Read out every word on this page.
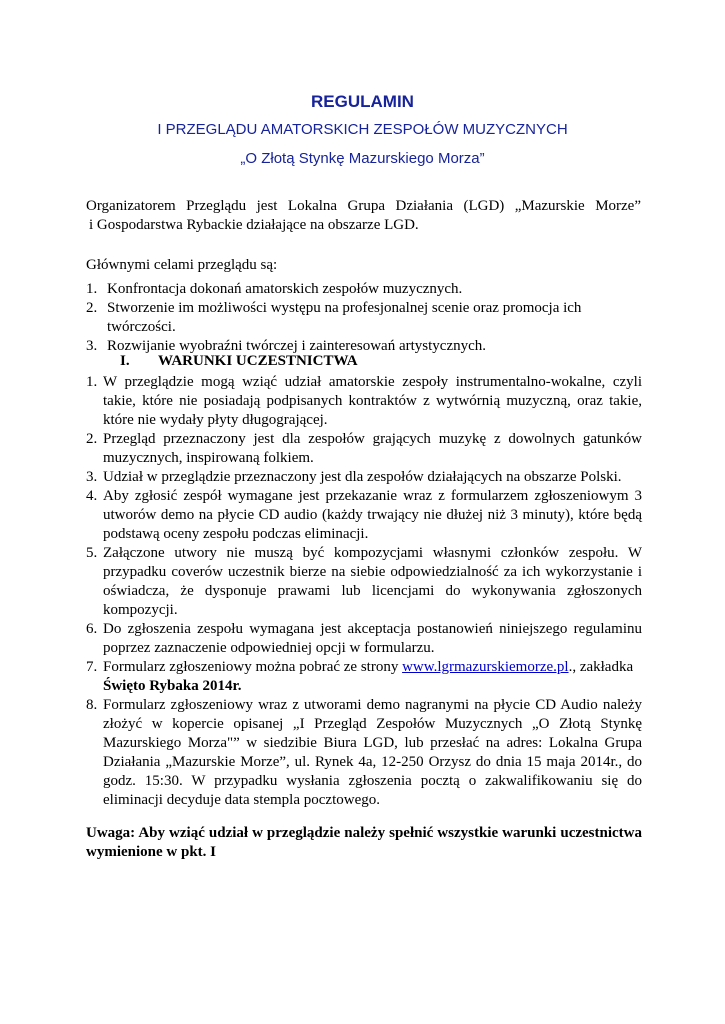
REGULAMIN
I PRZEGLĄDU AMATORSKICH ZESPOŁÓW MUZYCZNYCH
„O Złotą Stynkę Mazurskiego Morza”
Organizatorem Przeglądu jest Lokalna Grupa Działania (LGD) „Mazurskie Morze”
i Gospodarstwa Rybackie działające na obszarze LGD.
Głównymi celami przeglądu są:
1. Konfrontacja dokonań amatorskich zespołów muzycznych.
2. Stworzenie im możliwości występu na profesjonalnej scenie oraz promocja ich twórczości.
3. Rozwijanie wyobraźni twórczej i zainteresowań artystycznych.
I. WARUNKI UCZESTNICTWA
1. W przeglądzie mogą wziąć udział amatorskie zespoły instrumentalno-wokalne, czyli takie, które nie posiadają podpisanych kontraktów z wytwórnią muzyczną, oraz takie, które nie wydały płyty długogrającej.
2. Przegląd przeznaczony jest dla zespołów grających muzykę z dowolnych gatunków muzycznych, inspirowaną folkiem.
3. Udział w przeglądzie przeznaczony jest dla zespołów działających na obszarze Polski.
4. Aby zgłosić zespół wymagane jest przekazanie wraz z formularzem zgłoszeniowym 3 utworów demo na płycie CD audio (każdy trwający nie dłużej niż 3 minuty), które będą podstawą oceny zespołu podczas eliminacji.
5. Załączone utwory nie muszą być kompozycjami własnymi członków zespołu. W przypadku coverów uczestnik bierze na siebie odpowiedzialność za ich wykorzystanie i oświadcza, że dysponuje prawami lub licencjami do wykonywania zgłoszonych kompozycji.
6. Do zgłoszenia zespołu wymagana jest akceptacja postanowień niniejszego regulaminu poprzez zaznaczenie odpowiedniej opcji w formularzu.
7. Formularz zgłoszeniowy można pobrać ze strony www.lgrmazurskiemorze.pl., zakładka
Święto Rybaka 2014r.
8. Formularz zgłoszeniowy wraz z utworami demo nagranymi na płycie CD Audio należy złożyć w kopercie opisanej „I Przegląd Zespołów Muzycznych „O Złotą Stynkę Mazurskiego Morza"” w siedzibie Biura LGD, lub przesłać na adres: Lokalna Grupa Działania „Mazurskie Morze”, ul. Rynek 4a, 12-250 Orzysz do dnia 15 maja 2014r., do godz. 15:30. W przypadku wysłania zgłoszenia pocztą o zakwalifikowaniu się do eliminacji decyduje data stempla pocztowego.
Uwaga: Aby wziąć udział w przeglądzie należy spełnić wszystkie warunki uczestnictwa wymienione w pkt. I
